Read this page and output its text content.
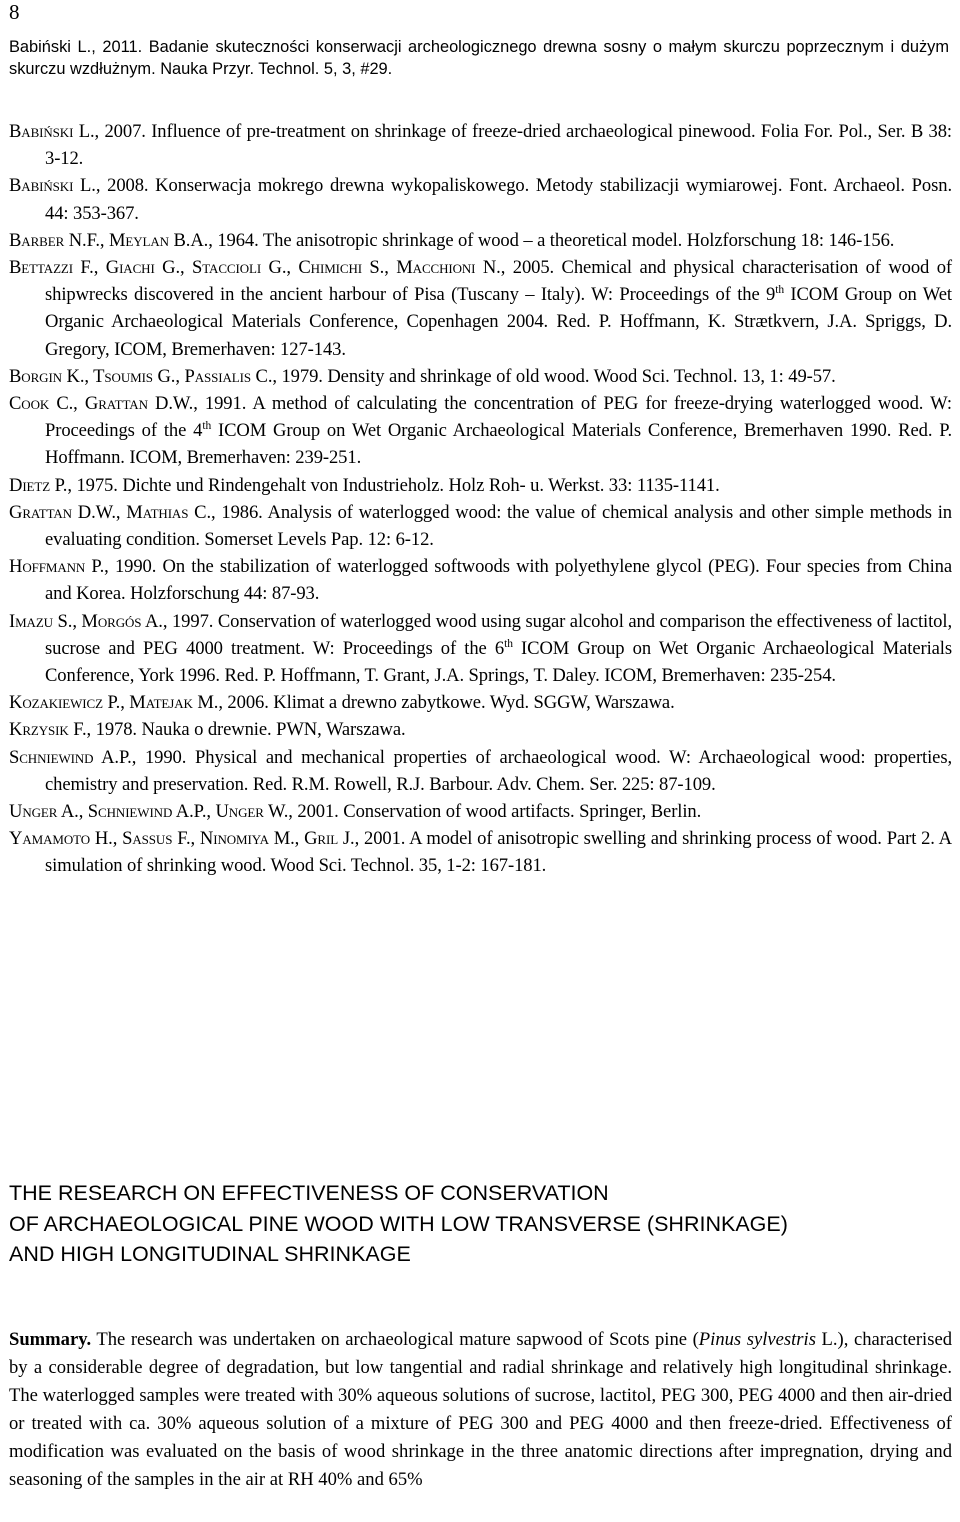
8
Babiński L., 2011. Badanie skuteczności konserwacji archeologicznego drewna sosny o małym skurczu poprzecznym i dużym skurczu wzdłużnym. Nauka Przyr. Technol. 5, 3, #29.

Babiński L., 2007. Influence of pre-treatment on shrinkage of freeze-dried archaeological pinewood. Folia For. Pol., Ser. B 38: 3-12.

Babiński L., 2008. Konserwacja mokrego drewna wykopaliskowego. Metody stabilizacji wymiarowej. Font. Archaeol. Posn. 44: 353-367.

Barber N.F., Meylan B.A., 1964. The anisotropic shrinkage of wood – a theoretical model. Holzforschung 18: 146-156.

Bettazzi F., Giachi G., Staccioli G., Chimichi S., Macchioni N., 2005. Chemical and physical characterisation of wood of shipwrecks discovered in the ancient harbour of Pisa (Tuscany – Italy). W: Proceedings of the 9th ICOM Group on Wet Organic Archaeological Materials Conference, Copenhagen 2004. Red. P. Hoffmann, K. Strætkvern, J.A. Spriggs, D. Gregory, ICOM, Bremerhaven: 127-143.

Borgin K., Tsoumis G., Passialis C., 1979. Density and shrinkage of old wood. Wood Sci. Technol. 13, 1: 49-57.

Cook C., Grattan D.W., 1991. A method of calculating the concentration of PEG for freeze-drying waterlogged wood. W: Proceedings of the 4th ICOM Group on Wet Organic Archaeological Materials Conference, Bremerhaven 1990. Red. P. Hoffmann. ICOM, Bremerhaven: 239-251.

Dietz P., 1975. Dichte und Rindengehalt von Industrieholz. Holz Roh- u. Werkst. 33: 1135-1141.

Grattan D.W., Mathias C., 1986. Analysis of waterlogged wood: the value of chemical analysis and other simple methods in evaluating condition. Somerset Levels Pap. 12: 6-12.

Hoffmann P., 1990. On the stabilization of waterlogged softwoods with polyethylene glycol (PEG). Four species from China and Korea. Holzforschung 44: 87-93.

Imazu S., Morgós A., 1997. Conservation of waterlogged wood using sugar alcohol and comparison the effectiveness of lactitol, sucrose and PEG 4000 treatment. W: Proceedings of the 6th ICOM Group on Wet Organic Archaeological Materials Conference, York 1996. Red. P. Hoffmann, T. Grant, J.A. Springs, T. Daley. ICOM, Bremerhaven: 235-254.

Kozakiewicz P., Matejak M., 2006. Klimat a drewno zabytkowe. Wyd. SGGW, Warszawa.

Krzysik F., 1978. Nauka o drewnie. PWN, Warszawa.

Schniewind A.P., 1990. Physical and mechanical properties of archaeological wood. W: Archaeological wood: properties, chemistry and preservation. Red. R.M. Rowell, R.J. Barbour. Adv. Chem. Ser. 225: 87-109.

Unger A., Schniewind A.P., Unger W., 2001. Conservation of wood artifacts. Springer, Berlin.

Yamamoto H., Sassus F., Ninomiya M., Gril J., 2001. A model of anisotropic swelling and shrinking process of wood. Part 2. A simulation of shrinking wood. Wood Sci. Technol. 35, 1-2: 167-181.

THE RESEARCH ON EFFECTIVENESS OF CONSERVATION
OF ARCHAEOLOGICAL PINE WOOD WITH LOW TRANSVERSE (SHRINKAGE)
AND HIGH LONGITUDINAL SHRINKAGE

Summary. The research was undertaken on archaeological mature sapwood of Scots pine (Pinus sylvestris L.), characterised by a considerable degree of degradation, but low tangential and radial shrinkage and relatively high longitudinal shrinkage. The waterlogged samples were treated with 30% aqueous solutions of sucrose, lactitol, PEG 300, PEG 4000 and then air-dried or treated with ca. 30% aqueous solution of a mixture of PEG 300 and PEG 4000 and then freeze-dried. Effectiveness of modification was evaluated on the basis of wood shrinkage in the three anatomic directions after impregnation, drying and seasoning of the samples in the air at RH 40% and 65%
